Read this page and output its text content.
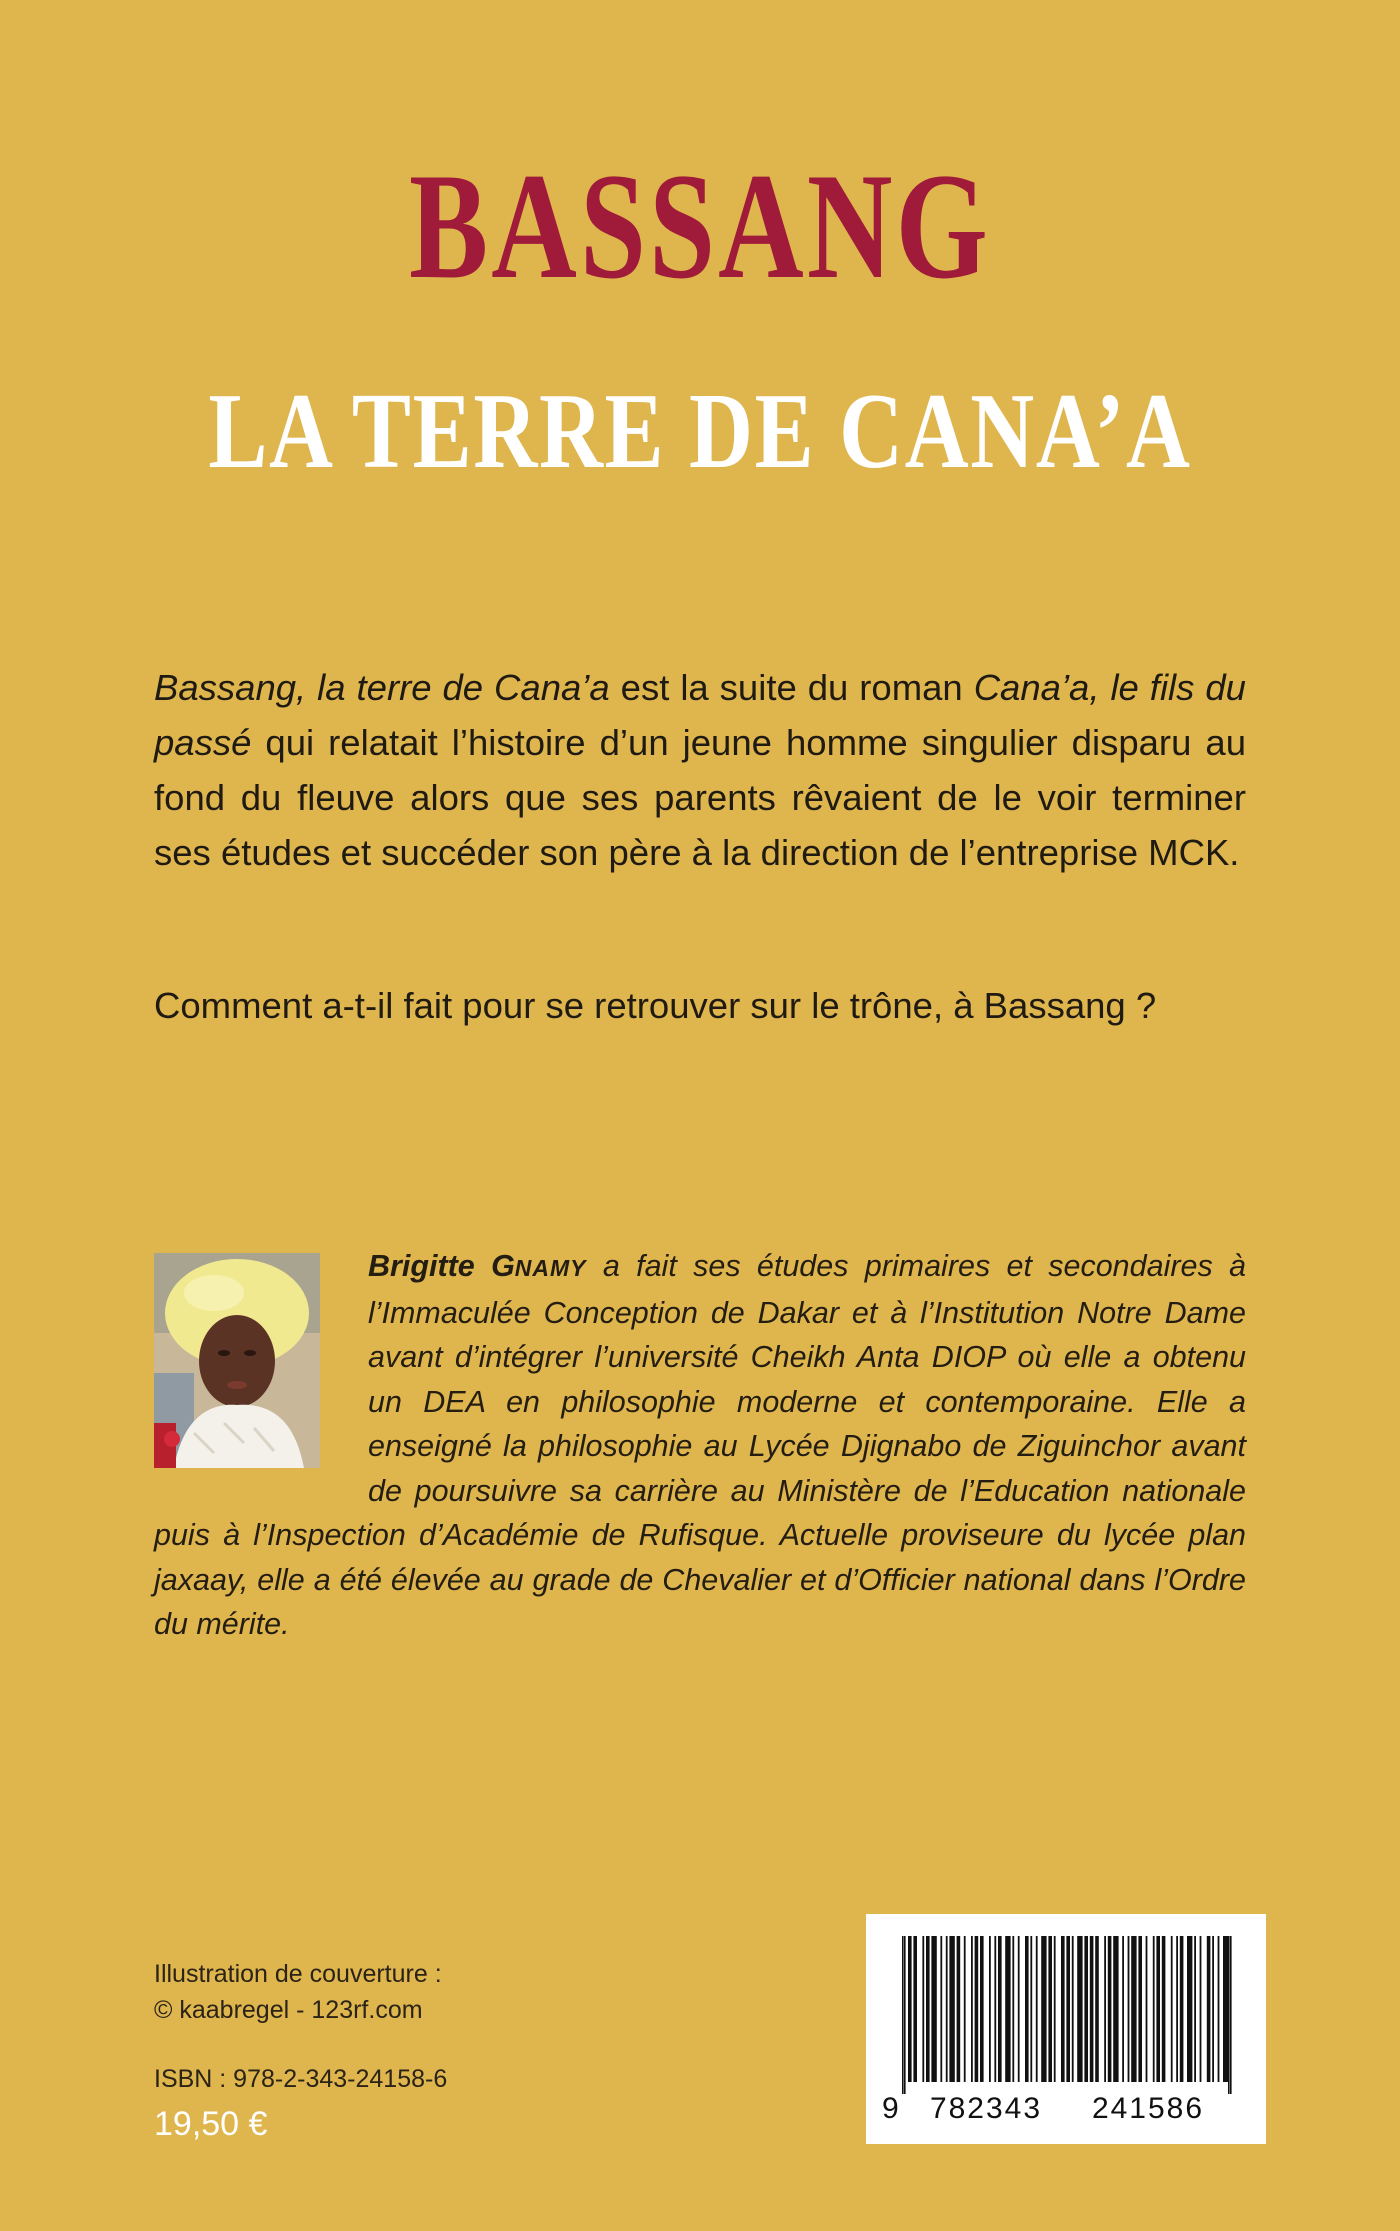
BASSANG
LA TERRE DE CANA’A

Bassang, la terre de Cana’a est la suite du roman Cana’a, le fils du passé qui relatait l’histoire d’un jeune homme singulier disparu au fond du fleuve alors que ses parents rêvaient de le voir terminer ses études et succéder son père à la direction de l’entreprise MCK.

Comment a-t-il fait pour se retrouver sur le trône, à Bassang ?

Brigitte GNAMY a fait ses études primaires et secondaires à l’Immaculée Conception de Dakar et à l’Institution Notre Dame avant d’intégrer l’université Cheikh Anta DIOP où elle a obtenu un DEA en philosophie moderne et contemporaine. Elle a enseigné la philosophie au Lycée Djignabo de Ziguinchor avant de poursuivre sa carrière au Ministère de l’Education nationale puis à l’Inspection d’Académie de Rufisque. Actuelle proviseure du lycée plan jaxaay, elle a été élevée au grade de Chevalier et d’Officier national dans l’Ordre du mérite.

Illustration de couverture :
© kaabregel - 123rf.com
ISBN : 978-2-343-24158-6
19,50 €	9 782343 241586
